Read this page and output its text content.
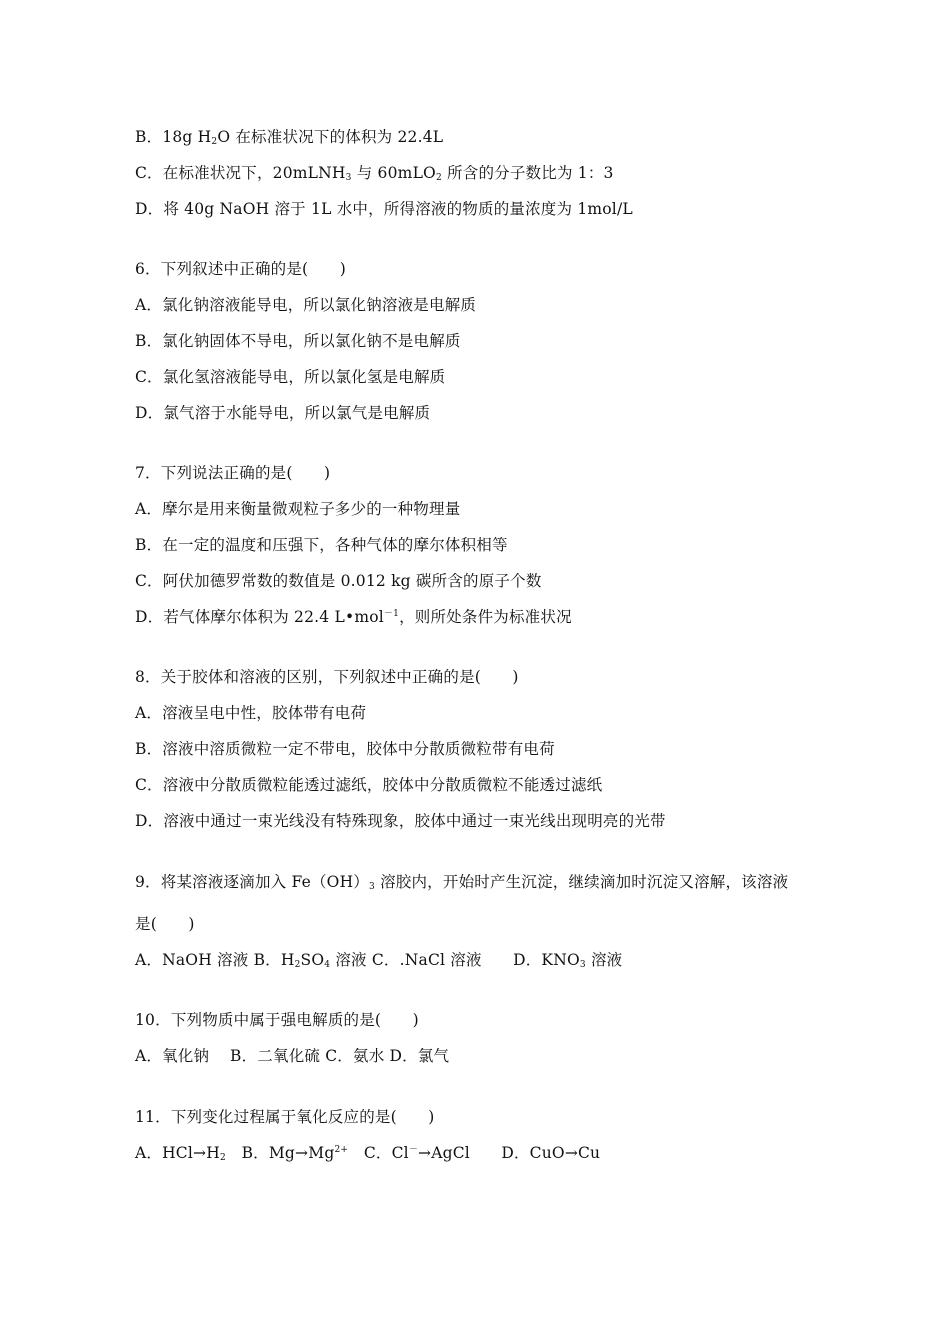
B．18g $H_2O$ 在标准状况下的体积为 22.4L
C．在标准状况下，20mLNH$_3$ 与 60mLO$_2$ 所含的分子数比为 1：3
D．将 40g NaOH 溶于 1L 水中，所得溶液的物质的量浓度为 1mol/L
6．下列叙述中正确的是(　　)
A．氯化钠溶液能导电，所以氯化钠溶液是电解质
B．氯化钠固体不导电，所以氯化钠不是电解质
C．氯化氢溶液能导电，所以氯化氢是电解质
D．氯气溶于水能导电，所以氯气是电解质
7．下列说法正确的是(　　)
A．摩尔是用来衡量微观粒子多少的一种物理量
B．在一定的温度和压强下，各种气体的摩尔体积相等
C．阿伏加德罗常数的数值是 0.012 kg 碳所含的原子个数
D．若气体摩尔体积为 22.4 L•mol$^{-1}$，则所处条件为标准状况
8．关于胶体和溶液的区别，下列叙述中正确的是(　　)
A．溶液呈电中性，胶体带有电荷
B．溶液中溶质微粒一定不带电，胶体中分散质微粒带有电荷
C．溶液中分散质微粒能透过滤纸，胶体中分散质微粒不能透过滤纸
D．溶液中通过一束光线没有特殊现象，胶体中通过一束光线出现明亮的光带
9．将某溶液逐滴加入 $Fe(OH)_3$ 溶胶内，开始时产生沉淀，继续滴加时沉淀又溶解，该溶液
是(　　)
A．NaOH 溶液 B．$H_2SO_4$ 溶液 C．.NaCl 溶液　　D．$KNO_3$ 溶液
10．下列物质中属于强电解质的是(　　)
A．氧化钠　 B．二氧化硫 C．氨水 D．氯气
11．下列变化过程属于氧化反应的是(　　)
A．$HCl\to H_2$　B．$Mg\to Mg^{2+}$　C．Cl－→AgCl　　D．CuO→Cu
